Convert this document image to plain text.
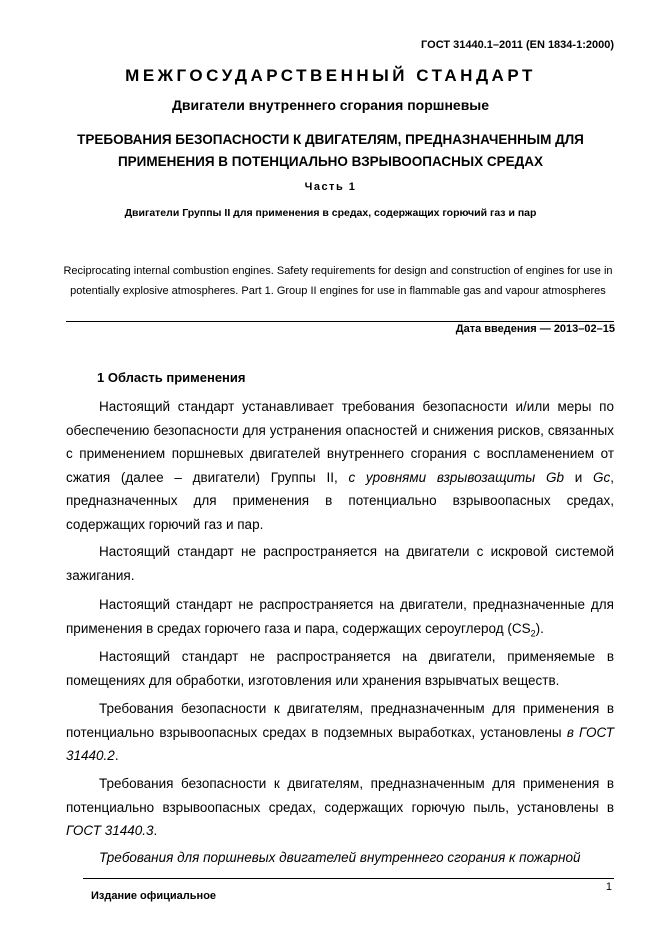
ГОСТ 31440.1–2011 (EN 1834-1:2000)
МЕЖГОСУДАРСТВЕННЫЙ СТАНДАРТ
Двигатели внутреннего сгорания поршневые
ТРЕБОВАНИЯ БЕЗОПАСНОСТИ К ДВИГАТЕЛЯМ, ПРЕДНАЗНАЧЕННЫМ ДЛЯ ПРИМЕНЕНИЯ В ПОТЕНЦИАЛЬНО ВЗРЫВООПАСНЫХ СРЕДАХ
Часть 1
Двигатели Группы II для применения в средах, содержащих горючий газ и пар
Reciprocating internal combustion engines. Safety requirements for design and construction of engines for use in potentially explosive atmospheres. Part 1. Group II engines for use in flammable gas and vapour atmospheres
Дата введения — 2013–02–15
1 Область применения
Настоящий стандарт устанавливает требования безопасности и/или меры по обеспечению безопасности для устранения опасностей и снижения рисков, связанных с применением поршневых двигателей внутреннего сгорания с воспламенением от сжатия (далее – двигатели) Группы II, с уровнями взрывозащиты Gb и Gc, предназначенных для применения в потенциально взрывоопасных средах, содержащих горючий газ и пар.
Настоящий стандарт не распространяется на двигатели с искровой системой зажигания.
Настоящий стандарт не распространяется на двигатели, предназначенные для применения в средах горючего газа и пара, содержащих сероуглерод $(CS_2)$.
Настоящий стандарт не распространяется на двигатели, применяемые в помещениях для обработки, изготовления или хранения взрывчатых веществ.
Требования безопасности к двигателям, предназначенным для применения в потенциально взрывоопасных средах в подземных выработках, установлены в ГОСТ 31440.2.
Требования безопасности к двигателям, предназначенным для применения в потенциально взрывоопасных средах, содержащих горючую пыль, установлены в ГОСТ 31440.3.
Требования для поршневых двигателей внутреннего сгорания к пожарной
1
Издание официальное
